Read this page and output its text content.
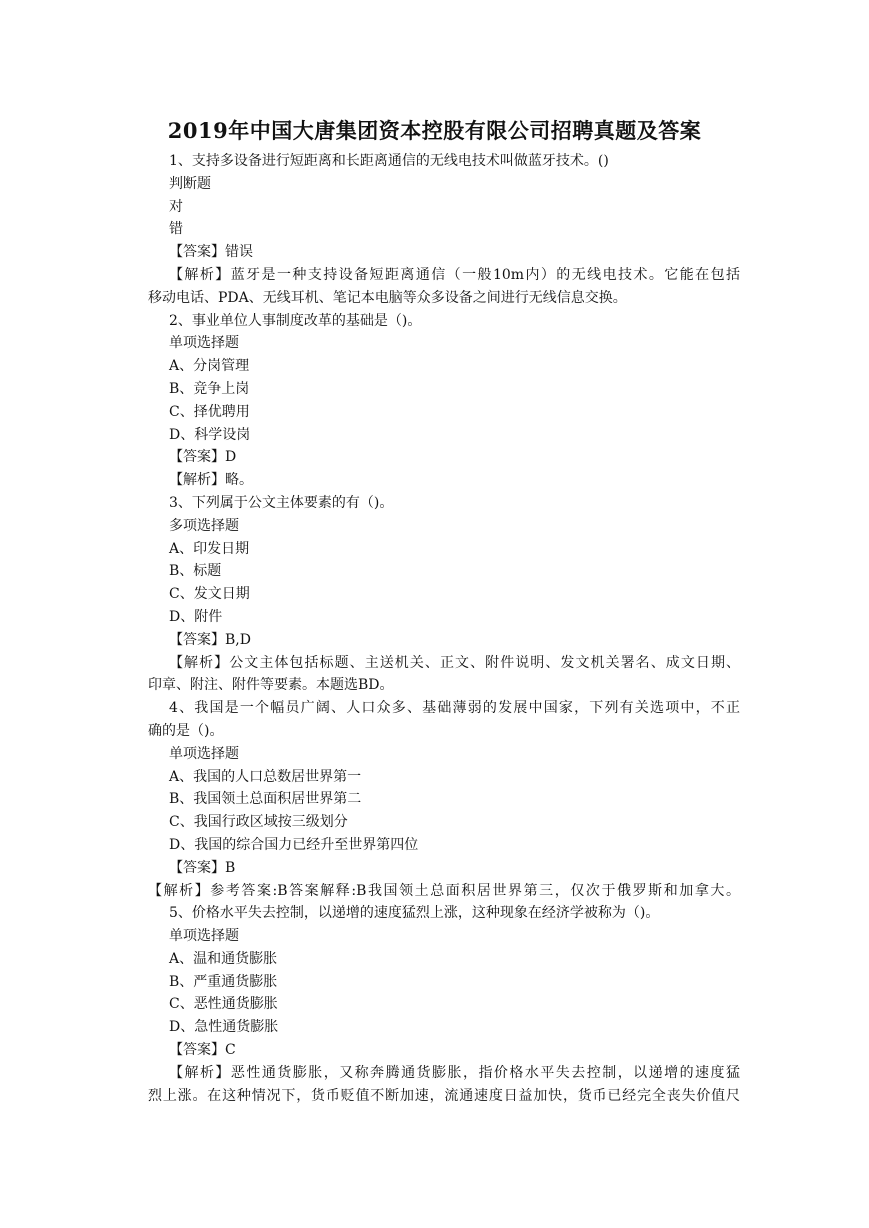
2019年中国大唐集团资本控股有限公司招聘真题及答案
1、支持多设备进行短距离和长距离通信的无线电技术叫做蓝牙技术。()
判断题
对
错
【答案】错误
【解析】蓝牙是一种支持设备短距离通信（一般10m内）的无线电技术。它能在包括
移动电话、PDA、无线耳机、笔记本电脑等众多设备之间进行无线信息交换。
2、事业单位人事制度改革的基础是（)。
单项选择题
A、分岗管理
B、竞争上岗
C、择优聘用
D、科学设岗
【答案】D
【解析】略。
3、下列属于公文主体要素的有（)。
多项选择题
A、印发日期
B、标题
C、发文日期
D、附件
【答案】B,D
【解析】公文主体包括标题、主送机关、正文、附件说明、发文机关署名、成文日期、
印章、附注、附件等要素。本题选BD。
4、我国是一个幅员广阔、人口众多、基础薄弱的发展中国家，下列有关选项中，不正
确的是（)。
单项选择题
A、我国的人口总数居世界第一
B、我国领土总面积居世界第二
C、我国行政区域按三级划分
D、我国的综合国力已经升至世界第四位
【答案】B
【解析】参考答案:B答案解释:B我国领土总面积居世界第三，仅次于俄罗斯和加拿大。
5、价格水平失去控制，以递增的速度猛烈上涨，这种现象在经济学被称为（)。
单项选择题
A、温和通货膨胀
B、严重通货膨胀
C、恶性通货膨胀
D、急性通货膨胀
【答案】C
【解析】恶性通货膨胀，又称奔腾通货膨胀，指价格水平失去控制，以递增的速度猛
烈上涨。在这种情况下，货币贬值不断加速，流通速度日益加快，货币已经完全丧失价值尺
